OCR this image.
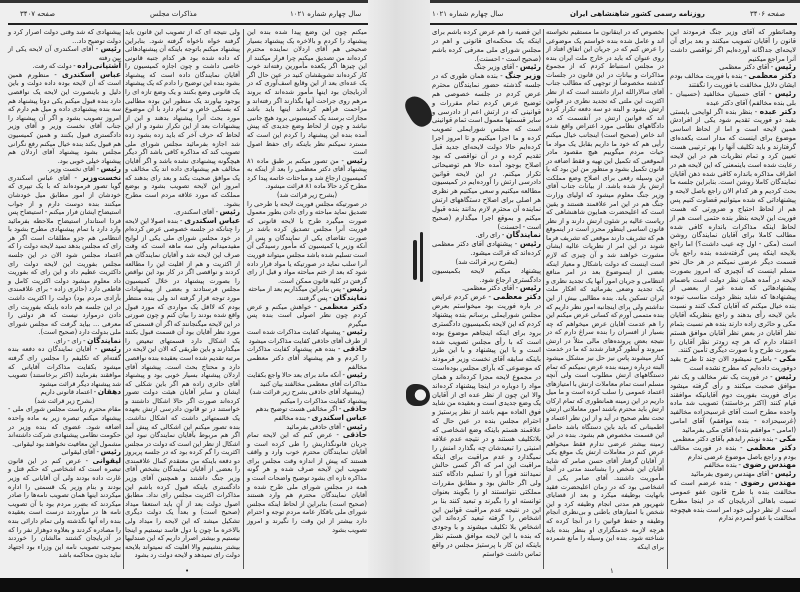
صفحه ۳۴۰۷	مذاکرات مجلس	سال چهارم شماره ۱۰۲۱

میکنم چون این وضع پیدا شده بنده این پیشنهاد را کردم و بالاخره یک پیشنهاد بسیار صحیحی هم آقای اردلان نماینده محترم کرده‌اند من تصدیق میکنم چرا فرار میکنند از این چیزها اگر یکعده مأمورین رفته‌اند خوب کار کرده‌اند تشویقشان کنید در عین حال اگر یک عده‌ای بعد از این وقایع اسف‌آوری که در آذربایجان بود اینها مأمور شده‌اند که بروند مرهم روی جراحت آنها بگذارند اگر رفته‌اند و مزاحمت فراهم کرده‌اند اینها باید باشد مجازات برسند یک کمیسیونی برود هیچ جانبی نباشد و چون از لحاظ وضع جدیدی که پیش آمده بنده این پیشنهاد را کردم این است که مسترد نمیکنم نظر باینکه رای حفظ اصول است

رئیس - من تصور میکنم بر طبق ماده ۸۱ پیشنهاد آقای دکتر معظمی را بعد از اینکه به کمیسیون ارجاع شد و مباحثات خاتمه پیدا کرد مطرح کرد حالا ماده ۸۱ قرائت میشود.

(بشرح زیر قرائت شد)

در صورتیکه مجلس فوریت لایحه یا طرحی را تصدیق نماید مباحثه و رای دادن بطور معمول صورت میگیرد طرح یا لایحه قانونی که فوریت آنرا مجلس تصدیق کرده باشد در صورت تقاضای یکی از نمایندگان و پس از آنکه وزیر یا کمیسیون که مأمور رسیدگی آن است تسلیم شده باشد مجلس میتواند فوریت آنرا سلب نماید در صورتیکه یا مواد قرار داده شود که بعد از ختم مباحثه مواد و قبل از رای گرفتن در کلیه قانون ممکن است.

رئیس - پس بنابراین میگذاریم بعد از مباحثه

نمایندگان - پس گرفتند.

دکتر معظمی - خواهش میکنم و عرض کردم چون نظر اصولی است بنده پس میگیرم

رئیس - پیشنهاد کفایت مذاکرات شده است از طرف آقای حاذقی کفایت مذاکرات میشود

حاذقی - بنده هم پیشنهاد کفایت مذاکرات را کردم و هم پیشنهاد آقای دکتر معظمی مخالفم

رئیس - آنکه ماند برای بعد حالا واجع بکفایت مذاکرات آقای معظمی مخالفند بیان کنید

(پیشنهاد آقای حاذقی بشرح زیر قرائت شد)

پیشنهاد کفایت مذاکرات را میکنم

حاذقی - اگر مخالفی هست توضیح بدهم

عباس اسکندری - بنده مخالفم

رئیس - آقای حاذقی بفرمائید

حاذقی - عرض کنم که این لایحه تمام جریان قانونگذاریش را طی کرده است و آقایان نمایندگان محترم خوب وارد و واقف هستند که پیش از اندازه وقت مجلس برای تصویب این لایحه صرف شده و هر گونه مذاکره تازه ای بشود توضیح واضحات است و همه در مجلس شورای ملی طرح شده و آقایان نمایندگان محترم هم وارد هستند (صحیح است) بنابراین از لحاظ اینکه مجلس شورای ملی بافکار عامه مردم توجه و احترام دارد بیشتر از این وقت را نگیرند و امروز تصویب بشود

ولی نتیجه ای که از تصویب این قانون باید گرفته خواه ناخواه گرفته شود. بنابراین پیشنهاد میکنم باتوجه باینکه آن پیشنهادهائی که داده شده بود هر کدام جنبه قانونی خاصی داشت و چون اجازه کمیسیون را آقایان نمایندگان داده است که پیشنهاد بشود بنده این توضیح را دادم که یک پیشنهاد یک قانونی وضع بکنند و یک وضع تازه ای را بوجود بیاورند یک منظور این بوده مطالبی که بستگی خاص و تمام دارد با آن موضوع مورد بحث آنرا پیشنهاد بدهند و این از پیشنهادات بعد از این تکرار نشود و از این لحاظ که حرف آخر که باید زده بشود زده شد اجازه بفرمائید مجلس شورای ملی تصویب کند که مذاکره کافی باشد اگر دیگر هیچگونه پیشنهادی نشده باشد و اگر آقایان مخالف هم پیشنهادی داده اند یک مخالف و یک موافق صحبت بکند و بعد رای بدهند که امروز این لایحه تصویب بشود و بوضع مملکت که مورد علاقه مردم است مطرح بشود.

رئیس - آقای اسکندری.

عباس اسکندری - بنده اصولا این لایحه را چنانکه در جلسه خصوصی عرض کرده‌ام در خود مجلس شورای ملی یکی از لوایح مفیدمیدانم ولی سه ماهه است که وقت صرف این لایحه شد و آقایان نمایندگان هم از اکثریت و هم از اقلیت این را مطالعه کردند و نواقصی اگر در کار بود این نواقص را بصورت پیشنهاد در خلال کمیسیون مجلس فرستادند و بعضی از پیشنهادات مورد توجه قرار گرفته اند ولی بنده منتظر بودم که لااقل یک مواردی که مورد قبول واقع شده بودند را بیان کنم و چون صورتی در این لایحه میگنجانند که اگر آن قسمتی که مورد نظر آقایان بود آن قسمت قبول بکنند یک اشکال دارد قسمتهای تبعیض را میگذارند و باین طریقی که الان این لایحه در مرتبه تقدیم شده است بعقیده بنده نواقصی دارد و محتاج بحث است. پیشنهاد آقای اردلان پیشنهاد بسیار خوبی بود و پیشنهاد آقای حائری زاده هم اگر باین شکلی که ایشان و سایر آقایان هیئت دولت تصور کرده‌اند صورت اگر حالا اشکال داشتند و خواستند در تو قانون دادرسی ارتش بعهده یک قسمتهائی داشت که اشکال نداشت. بنده تصور میکنم این اشکالی که پیش آمد اگر هم مربوط بآقایان نمایندگان نبود این اشکال از نظر این است که دولت در مجلس اکثریت را گم کرده بود که در جلسه پریروز دو دفعه باینکه من معتقدم کمال علاقمندی را بعضی از آقایان نمایندگان بشخص آقای وزیر جنگ داشتند و همچنین آقای وزیر دادگستری باینکه قبول کرده باشم این مذاکرات اکثریت مجلس رای نداد. مطابق اصول دولت بعد از آن باید استعفا میداد (صحیح است) و بعداً یک دولت دیگری تشکیل میشد که این لایحه را میداد ولی بالاخره ما چون یا دول فاسد نیستیم و اینجا نیستیم و بیشتر اصرار داریم که این صندلیها بیشتر بنشینیم والا اقلیت که نمیتواند بلایحه دولت رای نمیدهد و لایحه دولت رد بشود

پیشنهادی که شد وقتی دولت اصرار کرد و دولت توضیح داد...

رئیس - آقای اسکندری آن لایحه یکی از بین رفته

آشتیانی‌زاده - دولت که رفت.

عباس اسکندری - منظورم همین است که آن لایحه بوده داده دولت و باین دلیل و باینصورت این لایحه یک نواقصی دارد بنده قبول میکنم یکی دوتا پیشنهاد هم سه بنده پیشنهادی داده و میل هم دارم که امروز تصویب بشود و اگر آن پیشنهاد را جناب آقای نخست وزیر و آقای وزیر دادگستری قبول بکنند و همین کمیسیون هم قبول بکند بنده خیال میکنم رفع نگرانی مجلس بشود پیشنهاد آقای اردلان هم پیشنهاد خیلی خوبی بود.

رئیس - آقای نخست وزیر.

نخست‌وزیر - آقای عباس اسکندری گویا تصور فرموده‌اند که با یک تیپری که خودشان از امور مطابق میل خودشان میکنند بنده دوست دارم و از جواب استیضاح ایشان فرار میکنم - استیضاح پس فردا استاندار استیضاح ملاحظه بفرمائید وارد دارد با تمام پیشنهادی مطرح بشود با انتظامی هم جزو مطلقات است اگر هر رای که مجلس بدهد تمید لایحه دولت را که اعتماد مجلس شود الان در این جلسه مجلس بفوریت این لایحه دولت رای داکثریت عظیم داد و این رای که بفوریت داد معلوم میشود دولت اکثریت کامل و قاطعی دارد (حائری زاده - برای علاقمندی بآزادی مردم بود) دولت را اکثریت داشت در این جلسه هم داده باینکه بفوریت رای دادن درموارد نیست که هر دولتی را معرفی ... بیاید گرفت که مجلس شورای ملی بدولت دارد (صحیح است).

نمایندگان - رای - رای.

رئیس - آقایان نمایندگان ده دفعه بنده گفته‌ام که تکلیفم را مجلس رای گرفته میشود بکفایت مذاکرات آقایانی که موافقند بفرمایند (اکثر برخاستند) تصویب شد پیشنهاد دیگر قرائت میشود

دهقان - اعتماد قانونی داریم

(بشرح زیر قرائت شد)

مقام محترم ریاست مجلس شورای ملی - پیشنهاد میکنم تبصره زیر به ماده واحده اضافه شود. عضوی که بنده وزیر در حکومت نظامی پیشنهادی شرکت داشته‌اند مشمول این معافیت نخواهند بود لیقوانی.

رئیس - آقای لیقوانی

لیقوانی - عرض کنم در این قانون تبصره است که اشخاصی که حکم قتل و غارت داده بودند ولی آن آقایانی که وزیر بودند و بنام وزیر یک قسمتی را اداره میکردند اینها همان تصویب نامه‌ها را صادر میکردند که بضرر مردم بود با آن تصویب نامه ها در میآوردند درست است بعقیده بنده راه آنها نگذشته ولی تمام دارائی بنده را مصادره کردند و بعلاوه دوهزار نفر را که در آذربایجان کشتند مالشان را خوردند بموجب تصویب نامه این وزراء بود اجتهاد نباید بدون محاکمه باشد

•
سال چهارم شماره ۱۰۲۱	روزنامه رسمی کشور شاهنشاهی ایران	صفحه ۳۴۰۶

وهمانطور که آقای وزیر جنگ فرمودند این قانون را آقایان تصویب میکنند و بعد برای آن لایحه‌ای جداگانه آورده‌ایم اگر نواقصی داشت آنرا مراجع میکنیم

رئیس - آقای دکتر معظمی

دکتر معظمی - بنده با فوریت مخالف بودم ایشان دلایل مخالفت با فوریت را نگفتند

رئیس - آقای حسیبان مخالفید (حسیبان - بلی بنده مخالفم) آقای دکتر عبده

دکتر عبده - بنظر بنده اگر لوایحی بایستی بقید دو فوریت تقدیم شود یکی از افرادش همین لایحه است و اما از لحاظ اساسی موضوع برای اینست که مدار است یکعده‌ای گرفتارند و باید تکلیف آنها را بهر ترتیبی هست تعیین کرد و تمام نظریات هم در این لایحه رعایت شده است باینمعنی که این لایحه هم در اطراف مذاکره بانداره کافی شده ذهن آقایان نمایندگان کاملا روشن است. بنابراین جلسه ما بحث کردیم و هر کدام الان راجع باصل لایحه و پیشنهاداتی که شده میتوانیم قضاوت کنیم پس هم از لحاظ احتیاج و ضرورتی که هست فوریت این لایحه بنظر بنده حتمی است هم از لحاظ اینکه مذاکرات بانداره کافی شده مطالب کاملا برای آقایان نمایندگان روشن است (مکی - اول چه عیب داشت؟) اما راجع بلایحه اینکه پس گرفته‌شده بنده راجع بآن قسمت دیگر عرضی نمیکنم در هر حال نحو مسلم اینست که آنچیزی که امروز بصورت لایحه در آمده همان نظر دولت است باضمام پیشنهادهائی که شده غیر از بعضی از پیشنهادها که شاید بنظر دولت مناسب نبوده بنده خیال میکنم که آقایان کمک کنند و نسبت باین لایحه رأی بدهند و راجع بنظریکه آقایان مکی و حائری زاده دارند بنده هم نسبت بتمام نظر آقایان در بعض نظر آقایان موافق هستم اعتقاد دارم که هر چه زودتر نظر آقایان را بصورت طرح و یا صورت دیگری تأمین کنند.

مکی - باطرح نمیشود الان چند تا طرح بقید دوفوریت داده‌ایم که مطرح نشده است

رئیس - در فوریت یک نفر مخالف و یک نفر موافق صحبت میکنند و رأی گرفته میشود برای فوریت بفوریت دوم آقایانیکه موافقند قیام کنند (اکثر برخاستند) تصویب شد ماده واحده مطرح است آقای غرسیحزاده مخالفید (غرسیحزاده - بنده موافقم) آقای امامی (امامی - موافقم بنده) آقای مکی بفرمائید

مکی - بنده نوبتم رابدهم بآقای دکتر معظمی

دکتر معظمی - بنده در فوریت مخالف بودم و راجع باصل موضوع عرضی ندارم

مهندس رضوی - بنده مخالفم

رئیس - آقای مهندس رضوی بفرمائید

مهندس رضوی - بنده عرضم است که مخالفت بنده با طرح قانون عفو عمومی نسبت باهالی آذربایجان که در اینجا مطرح است از نظر دولی خود امر است بنده هیچوجه مخالفت با عفو آنمردم ندارم

بخصوص که در اینقانون ما مستقیم نخواسته اند و عامل شده بنده خواستم یک موضوعی را عرض کنم که در جریان این اتفاق افتاد از روی عنوان که باید در خارج ملت ایران بنده در مجلس استنباط کردم که از مجموع مذاکرات و بیانات در این قانون در جلسات گذشته مخصوصاً از توجهی که مطالب جناب آقای سالارالله ابراز داشتند است که از نظر اکثریت این ملتی که تجدید نظری در قوانین ارتش بشود و البته دو سه دفعه تکرار کرده اند که قوانین ارتش در آنقسمت که در دادگاههای نظامی مورد اعتراض واقع شده‌ اند خاص (صحیح است) اینجانب خیال میکنم رأیی هم که خود ما داریم بقابل یک مواد ما حیات مردم میگوییم هیچ مقصود مادر آنموقعی که تکمیل این تهیه و فقط اضافه در قانون تکمیل بشود و منظور من این بود که با این وسیله رفعی برای اصلاح وضع مملکت ارتش باز شده باشد. از بیانات جناب آقای وزیر جنگ معلوم میشود که اولیای وزارت جنگ هم در این امر علاقمند هستند و یقین است که اعلیحضرت همایون شاهنشاهی که ریاست عالیه بر شئون ارتش دارند و از نظر قانون اساسی اینطور محرز است در اینموقع هم که تشریف دارند موقعی که تشریف فرما شوند در این امر از نظریات عالیه ایشان مشورت خواهند شد و آن چیزی که لازم است اینست که دولت باشکال و معیار اینکه بعضی از اینموضوع بعد در امر منافع انتظامی و جریان امور آنها یک تجدید نظری و یک تجدید وضعی بفرمائید که افکار ملت ایران تسکین یابد. بنده مطالبی بیش از این نداشتم ولی برای اینجانبه امور نظر داریم که بنده متممی آورم که کسانی عرض میکنم این را هم عدمت آقایان عرض میخواهم که چه بسیار از افسران را بنده سراغ دارم که در نتیجه بعض پرونده‌های مالی مثلاً در ارتش میروند و آنطور گرفتار شدند که ما در خدمت کنار میشوند پاس نیز حل نیز مشکل میشود البته درباره زمینه بنده عرض نمیکنم که تمام دستگاههای ارتش مطلوب است ولی آنچه مسلم است تمام معاملات ارتش با امتیازهای اعتماد عمومی را سلب کرده است و ما میل داریم در این زمینه همانطوری که تمام ارکان ارتش باید محترم باشند امور معاملاتی ارتش تحت نظم صحیح در آید و از این نظر اعتماد و اطمینانی که باید باین دستگاه باشد حاصل این قسمت مخصوص هم بشود. بنده در این زمینه بیشتر عرضی ندارم فقط میخواهم عرض کنم در معاملات ارتش یک موقع یکی از آقایان گرفتار آقای حسن صامر که شاید آقایان این شخص را بشناسند مدتی در آنجا مأموریت داشتند. آقای صامر یکی از اشخاصی بود که در زمان اعلیحضرت فقید بانهایت بوظیفه میکرد و بعد از قضایای شهریور هم مدتی انجام وظیفه کرد و این شخص با امتیازهای باطنی و بی‌نظری انجام وظیفه و حفظ قوانین را در آنجا کرده که هرچه لازمه خدمتگزاری او بنظر بنده باید شناخته شود. بنده این وسیله را مانع شمرده برای اینکه

این قضیه را هم عرض کرده باشم برای اینکه یک محکمه‌ای قانونی و اهم در مجلس شورای ملی معرفی کرده باشم (صحیح است - احسنت).

رئیس - آقای وزیر جنگ

وزیر جنگ - بنده همان طوری که در جلسه گذشته حضور نمایندگان محترم عرض کردم در جلسه خصوصی هم توضیح عرض کردم تمام مقررات و قوانینی که در ارتش اعم از دادرسی و سایر قسمتها معمول است تمام قوانینی است که مجلس شورایملی تصویب کرده و ما اجرا میکنیم و تا امروز اجرا کرده‌ایم حالا دولت لایحه‌ای جدید قبل تقدیم کرده و در آن نواقصی که بود اصلاح بوجود آمده حالا هم توضیحاتی تکرار میکنم. در این لایحه قوانین دادرسی ارتش را آورده‌ایم در کمیسیون مطالعه میکنیم و سعی میکنیم هر نظری هر اصلی برای اصلاح دستگاههای ارتش نماینده آن محترم لازم بدانند بنده قبول میکنم و بموقع اجرا میگذارم (صحیح است - احسنت)

نمایندگان - رای رای.

رئیس - پیشنهادی آقای دکتر معظمی کرده‌اند که قرائت میشود.

(بشرح زیر قرائت شد)

پیشنهاد میکنم لایحه بکمیسیون دادگستری ارجاع شود.

رئیس - آقای دکتر معظمی.

دکتر معظمی - عرض کردم عرایض در باره فوریت بود میخواستم بعرض مجلس شورایملی برسانم بنده پیشنهاد کردم که این لایحه بکمیسیون دادگستری برود برای اینکه اینجاهم موضوع بوده است که با رأی مجلس تصویب شده است و با این پیشنهاد و با این طرز باینکه سابقه آقای نخست وزیر فرمودند که موضوعی که بآرای مجلس بوده‌است در مجموع لایحه مجزا کرده‌اند و همان مواد را دوباره در اینجا پیشنهاد کرده‌اند والا این چون از نظر عده ای از آقایان یک وضع جدیدی است و بعقیده من شاید فوق العاده مهم باشد از نظر پرستیژ و احترام مجلس بنده در عین حال که علاقمند هستم باینکه وضع اشخاصی که بلاتکلیف هستند و در نتیجه عدم علاقه امنیتی را تبعیدشان چه بگذارد امنش را نمیگذارد و عدم مراقبت برای اینکه مراقبت این امر که اگر کسی حالش نمیدانند فوراً او را تسلیم دادگاه کنند ولی اگر حالش بود و مطابق مقررات مملکتی نتوانستند او را بگویند بعنوان توانسته او را بگیرند و تبعید کنند بنا بر این در نتیجه عدم مراقبت قوانین این اشخاص را گرفته تبعید کرده‌اند این اشخاص بلا تکلیف میشوند و با وجودی که بنده با این لایحه موافق هستم نظر باینکه این کار با پرستیژ مجلس در واقع تماس داشت خواستم

١
